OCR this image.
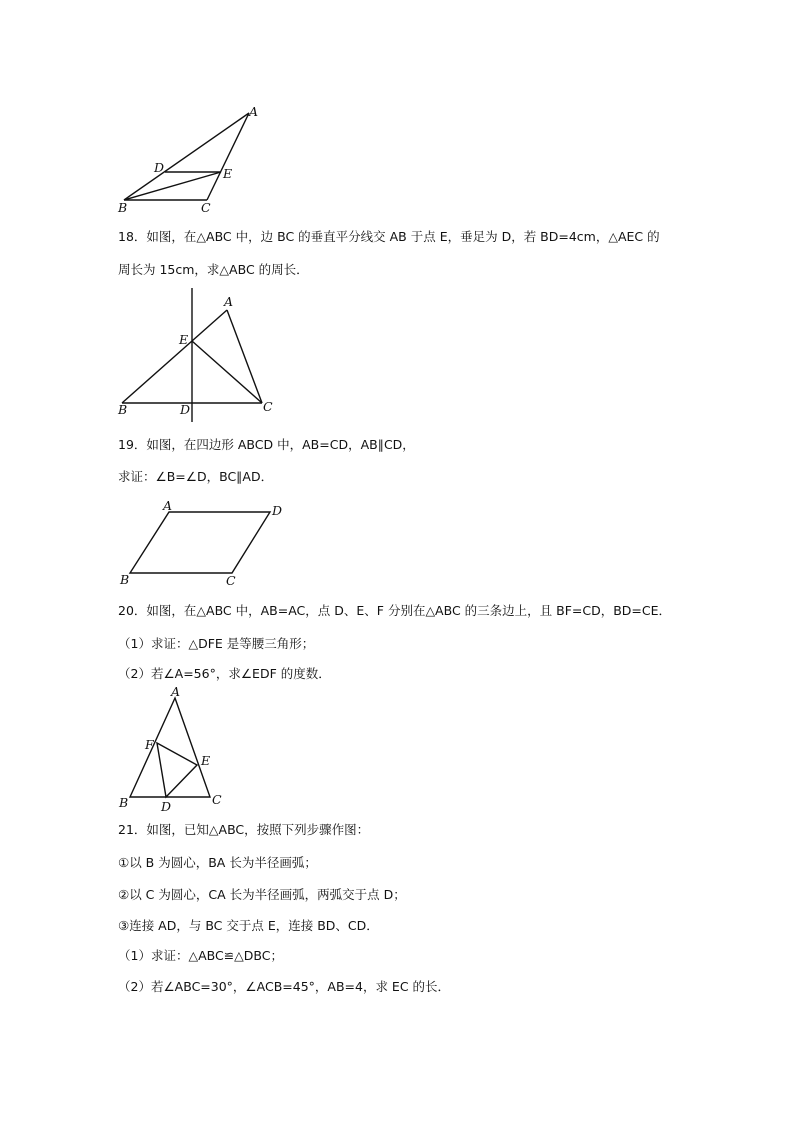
A
D	E
B	C
18．如图，在△ABC 中，边 BC 的垂直平分线交 AB 于点 E，垂足为 D，若 BD=4cm，△AEC 的
周长为 15cm，求△ABC 的周长．
A
E
B	D	C
19．如图，在四边形 ABCD 中，AB=CD，AB∥CD，
求证：∠B=∠D，BC∥AD．
A	D
B	C
20．如图，在△ABC 中，AB=AC，点 D、E、F 分别在△ABC 的三条边上，且 BF=CD，BD=CE．
（1）求证：△DFE 是等腰三角形；
（2）若∠A=56°，求∠EDF 的度数．
A
F
E
B	D	C
21．如图，已知△ABC，按照下列步骤作图：
①以 B 为圆心，BA 长为半径画弧；
②以 C 为圆心，CA 长为半径画弧，两弧交于点 D；
③连接 AD，与 BC 交于点 E，连接 BD、CD．
（1）求证：△ABC≌△DBC；
（2）若∠ABC=30°，∠ACB=45°，AB=4，求 EC 的长．
